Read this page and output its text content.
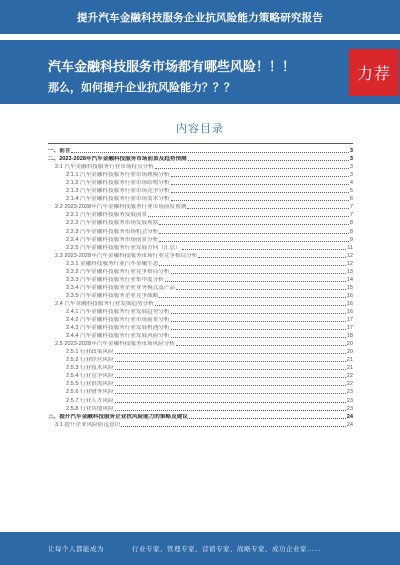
提升汽车金融科技服务企业抗风险能力策略研究报告
汽车金融科技服务市场都有哪些风险！！！
那么，如何提升企业抗风险能力？？？
力荐
内容目录
一、前言	3
二、2023-2028年汽车金融科技服务市场前景及趋势预测	3
2.1 汽车金融科技服务行业市场特点分析	3
2.1.1 汽车金融科技服务行业市场规模分析	3
2.1.2 汽车金融科技服务行业市场结构分析	4
2.1.3 汽车金融科技服务行业市场竞争分析	5
2.1.4 汽车金融科技服务行业市场需求分析	6
2.2 2023-2028年汽车金融科技服务行业市场前景预测	7
2.2.1 汽车金融科技服务发展前景	7
2.2.2 汽车金融科技服务市场发展现状	8
2.2.3 汽车金融科技服务市场机会分析	8
2.2.4 汽车金融科技服务市场前景分析	9
2.2.5 汽车金融科技服务行业发展方向（汇总）	11
2.3 2023-2028年汽车金融科技服务市场行业竞争格局分析	12
2.3.1 金融科技服务行业汽车金融生态	12
2.3.2 汽车金融科技服务行业竞争格局分析	13
2.3.3 汽车金融科技服务行业集中度分析	14
2.3.4 汽车金融科技服务企业业务模式及产品	15
2.3.5 汽车金融科技服务企业竞争战略	16
2.4 汽车金融科技服务行业发展趋势分析	16
2.4.1 汽车金融科技服务行业发展趋势分析	16
2.4.2 汽车金融科技服务行业市场前景分析	17
2.4.3 汽车金融科技服务行业发展机遇分析	17
2.4.4 汽车金融科技服务行业发展风险分析	18
2.5 2023-2028年汽车金融科技服务市场风险分析	20
2.5.1 行业政策风险	20
2.5.2 行业经营风险	21
2.5.3 行业技术风险	21
2.5.4 行业竞争风险	22
2.5.5 行业供需风险	22
2.5.6 行业财务风险	23
2.5.7 行业人才风险	23
2.5.8 行业其他风险	23
三、提升汽车金融科技服务企业抗风险能力的策略及建议	24
3.1 提升企业风险防范意识	24
让每个人都能成为	行业专家、管理专家、营销专家、战略专家、成功企业家……
